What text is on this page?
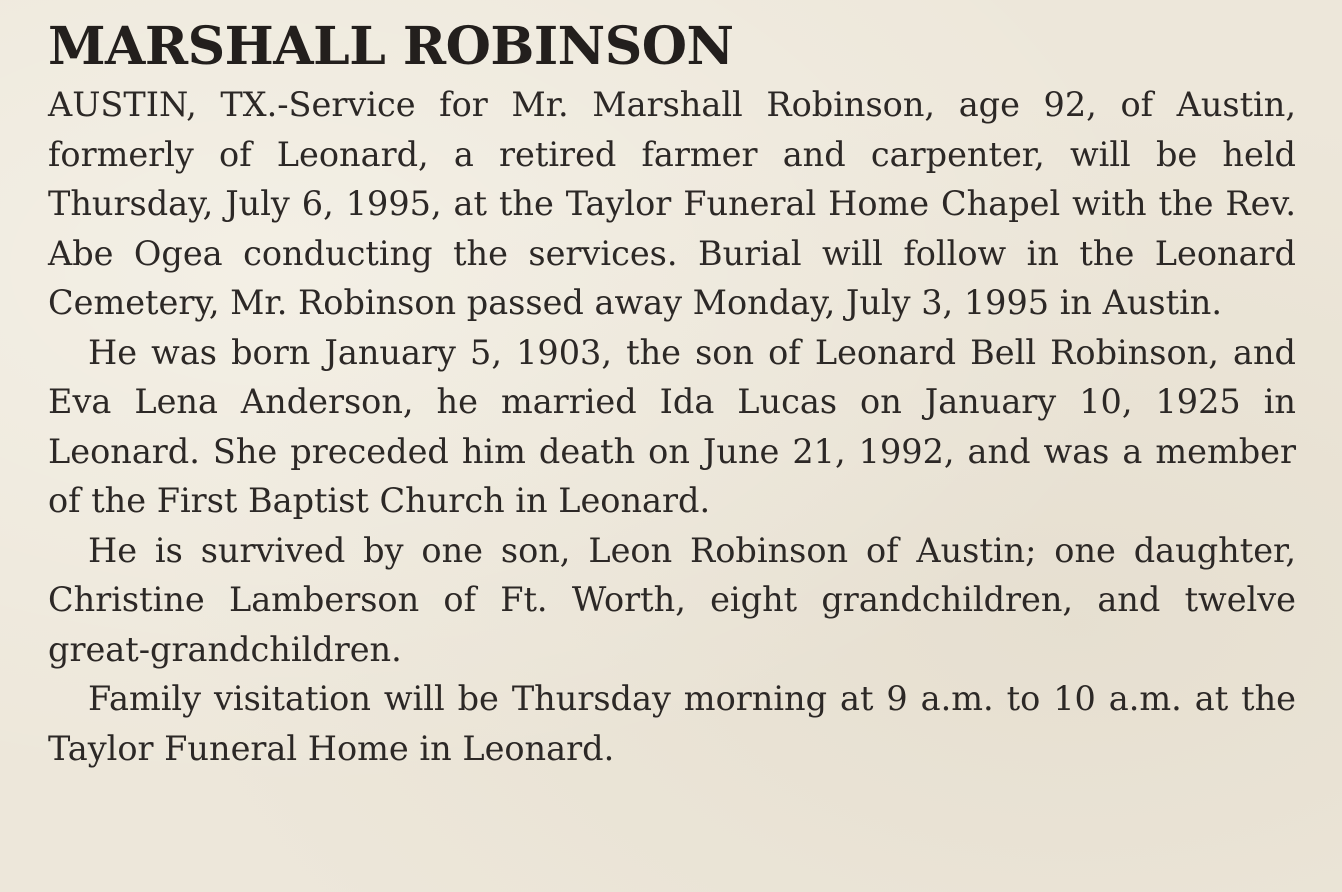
MARSHALL ROBINSON

AUSTIN, TX.-Service for Mr. Marshall Robinson, age 92, of Austin, formerly of Leonard, a retired farmer and carpenter, will be held Thursday, July 6, 1995, at the Taylor Funeral Home Chapel with the Rev. Abe Ogea conducting the services. Burial will follow in the Leonard Cemetery, Mr. Robinson passed away Monday, July 3, 1995 in Austin.

He was born January 5, 1903, the son of Leonard Bell Robinson, and Eva Lena Anderson, he married Ida Lucas on January 10, 1925 in Leonard. She preceded him death on June 21, 1992, and was a member of the First Baptist Church in Leonard.

He is survived by one son, Leon Robinson of Austin; one daughter, Christine Lamberson of Ft. Worth, eight grandchildren, and twelve great-grandchildren.

Family visitation will be Thursday morning at 9 a.m. to 10 a.m. at the Taylor Funeral Home in Leonard.
